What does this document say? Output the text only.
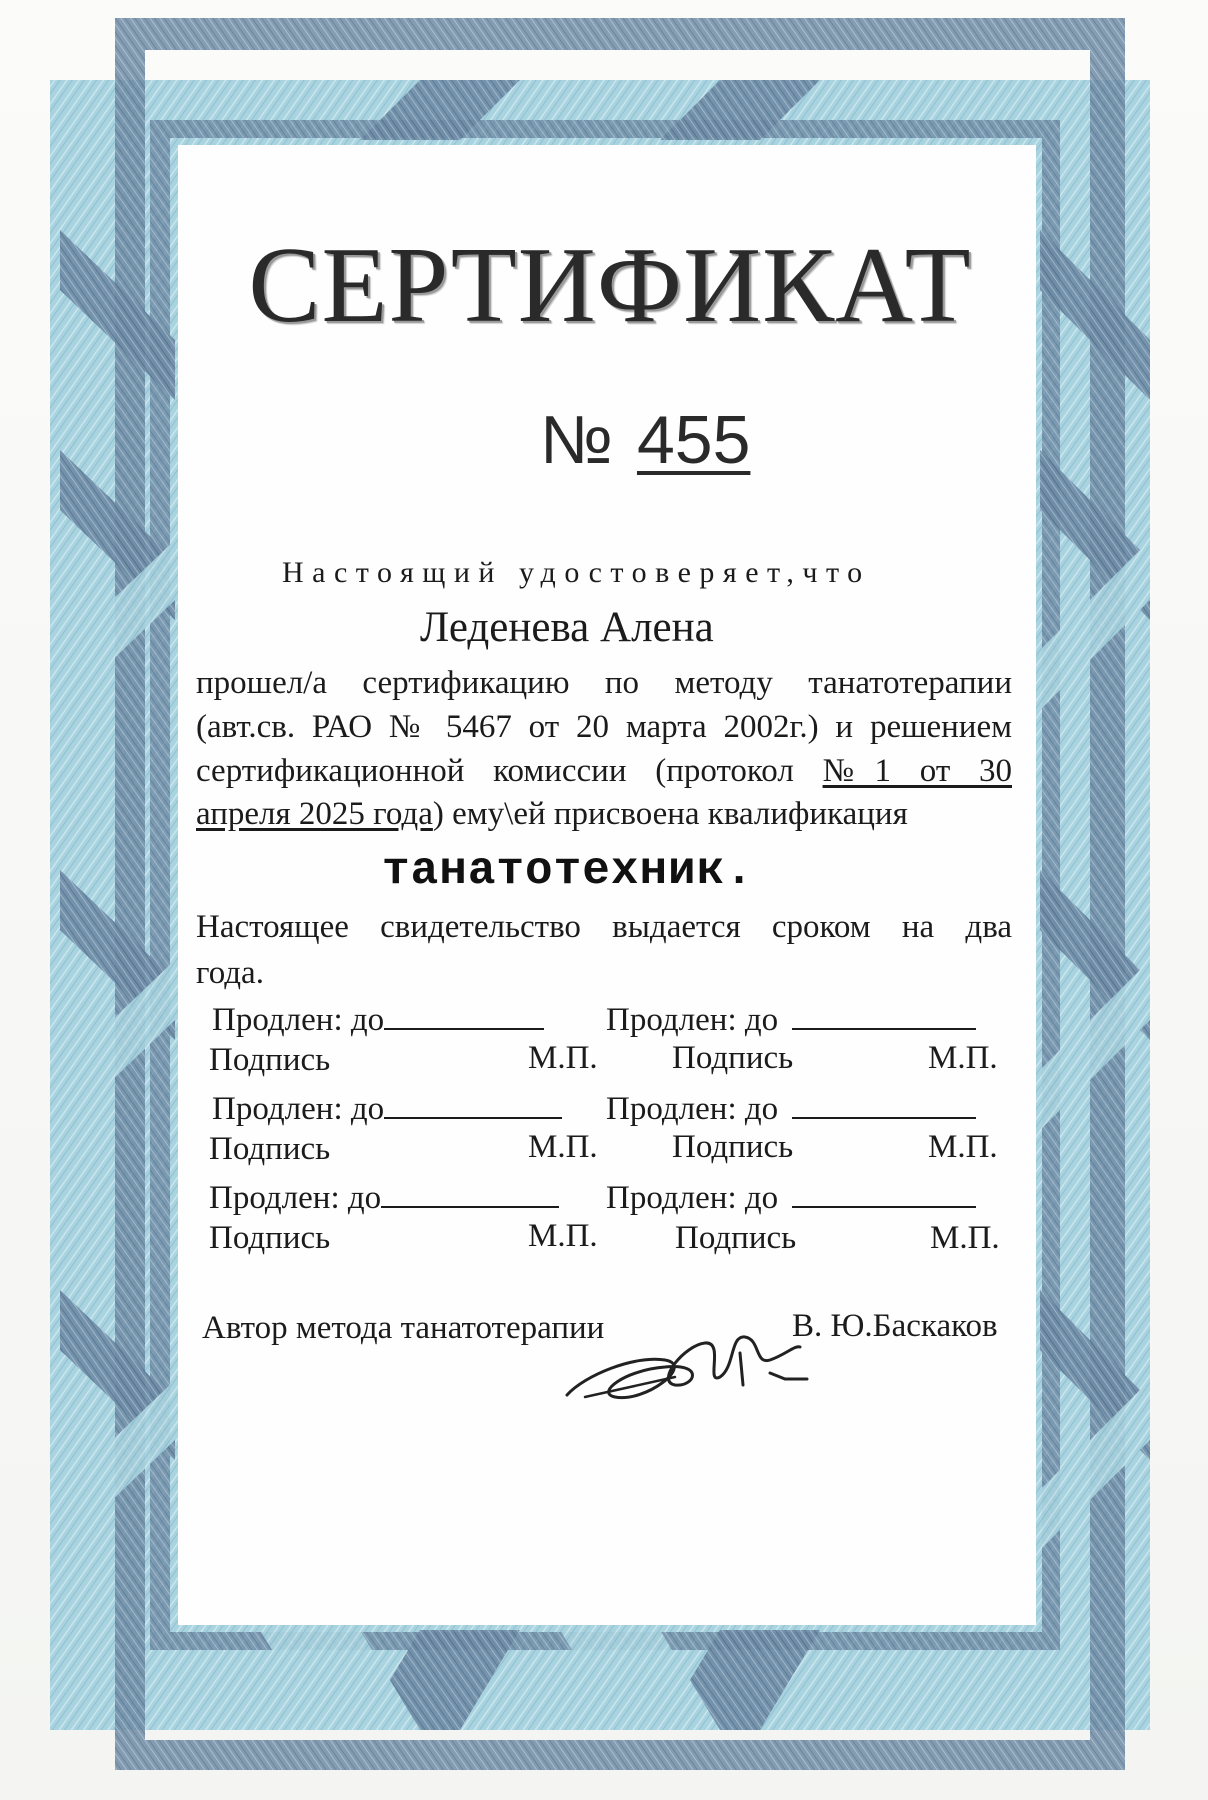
СЕРТИФИКАТ
№ 455
Настоящий удостоверяет,что
Леденева Алена
прошел/а сертификацию по методу танатотерапии
(авт.св. РАО № 5467 от 20 марта 2002г.) и решением
сертификационной комиссии (протокол №1 от 30
апреля 2025 года) ему\ей присвоена квалификация
танатотехник.
Настоящее свидетельство выдается сроком на два
года.
Продлен: до	Продлен: до
Подпись	М.П. Подпись	М.П.
Продлен: до	Продлен: до
Подпись	М.П. Подпись	М.П.
Продлен: до	Продлен: до
Подпись	М.П. Подпись	М.П.
Автор метода танатотерапии	В. Ю.Баскаков
